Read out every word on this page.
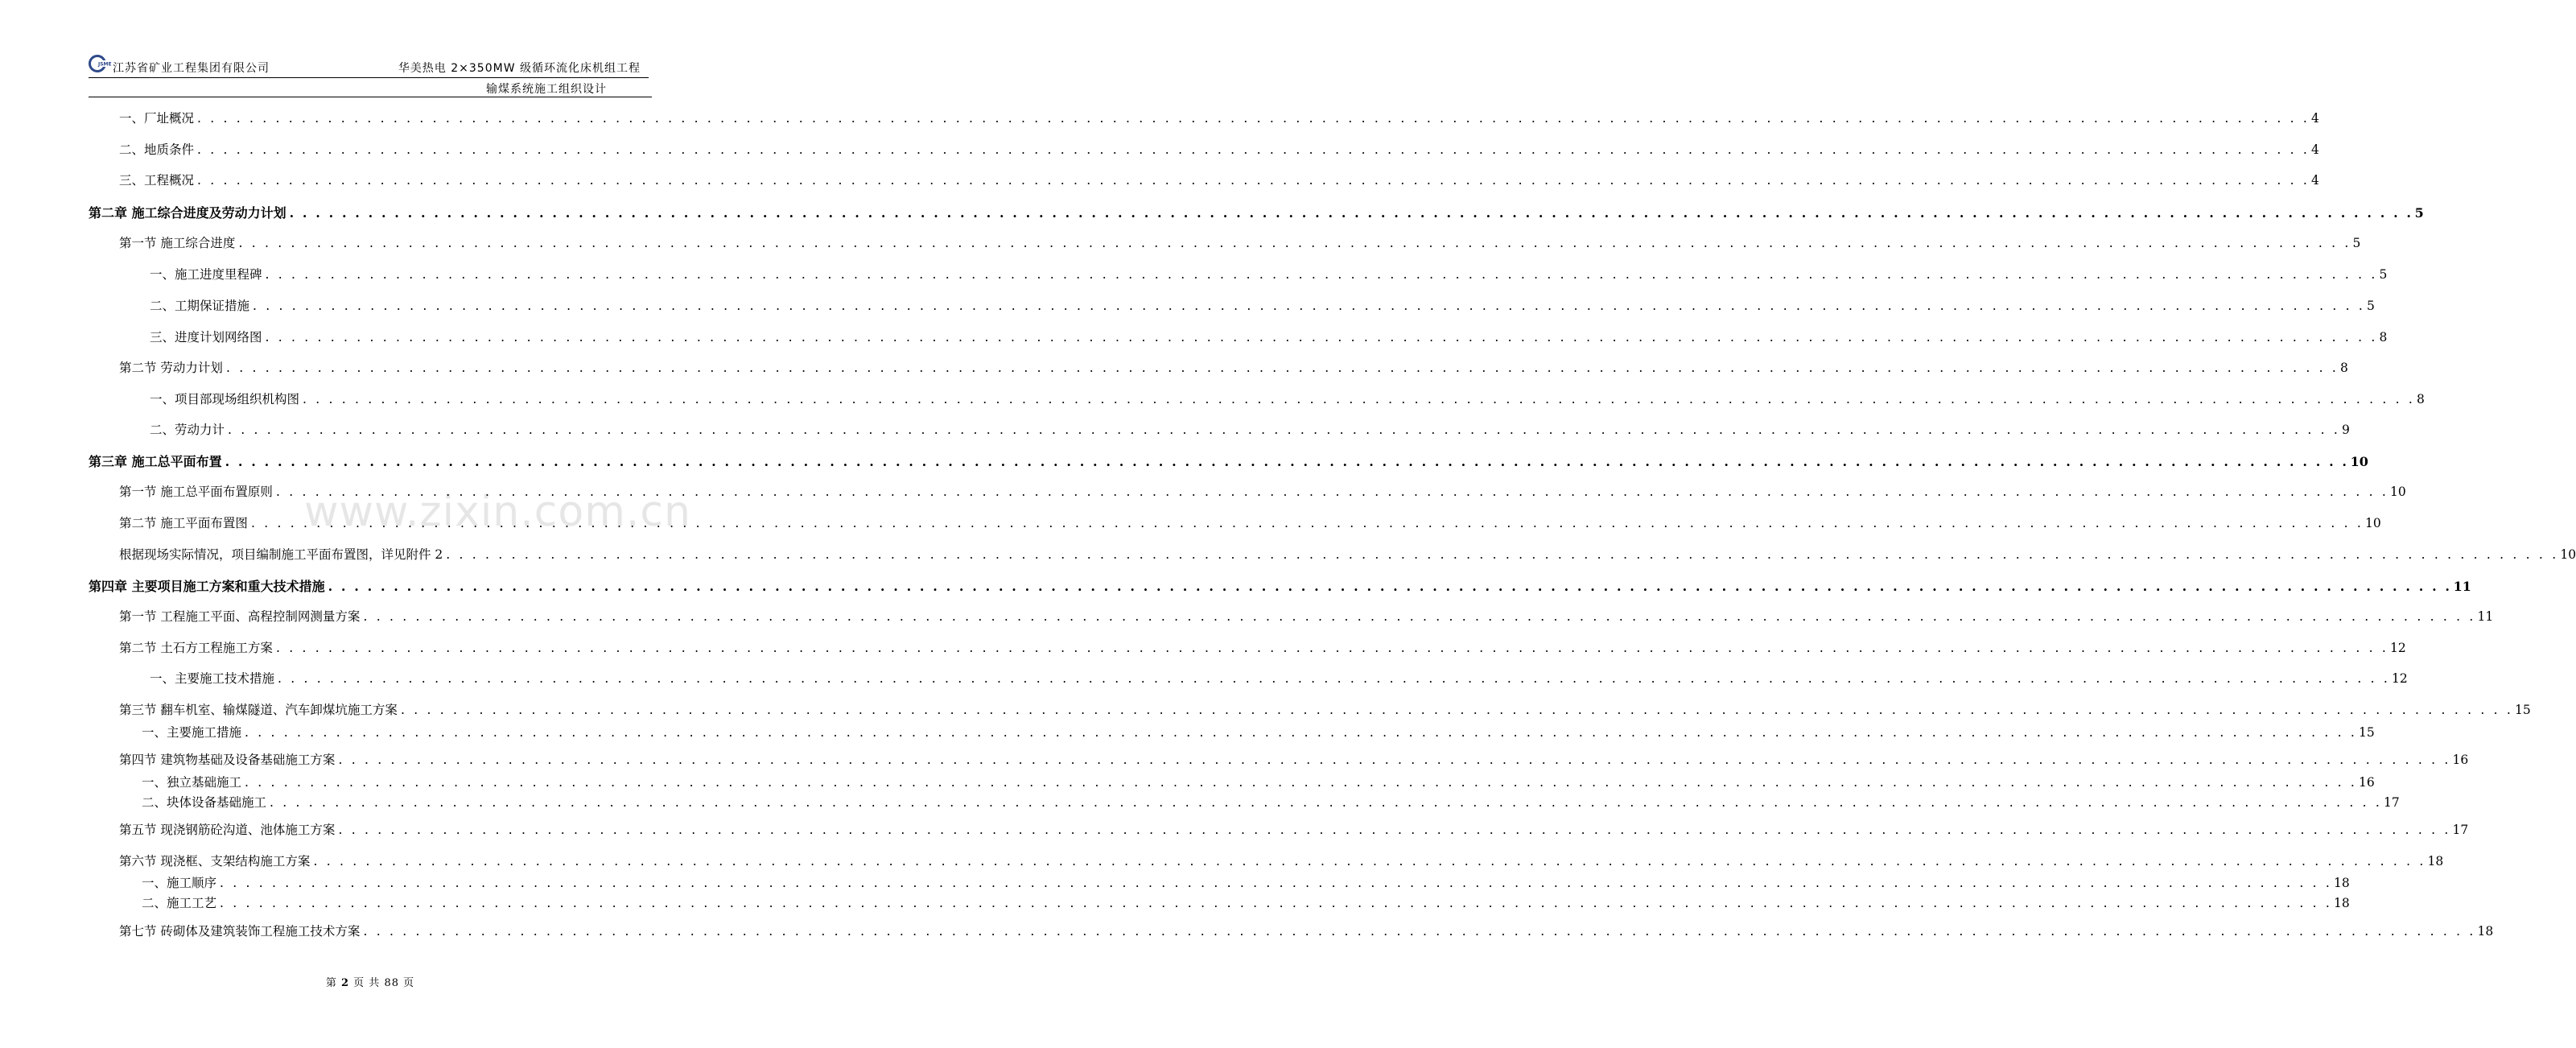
JSME 江苏省矿业工程集团有限公司	华美热电 2×350MW 级循环流化床机组工程
输煤系统施工组织设计
www.zixin.com.cn
一、厂址概况 . . .	4
二、地质条件 . . .	4
三、工程概况 . . .	4
第二章 施工综合进度及劳动力计划 . . .	5
第一节 施工综合进度 . . .	5
一、施工进度里程碑 . . .	5
二、工期保证措施 . . .	5
三、进度计划网络图 . . .	8
第二节 劳动力计划 . . .	8
一、项目部现场组织机构图 . . .	8
二、劳动力计 . . .	9
第三章 施工总平面布置 . . .	10
第一节 施工总平面布置原则 . . .	10
第二节 施工平面布置图 . . .	10
根据现场实际情况，项目编制施工平面布置图，详见附件 2 . . .	10
第四章 主要项目施工方案和重大技术措施 . . .	11
第一节 工程施工平面、高程控制网测量方案 . . .	11
第二节 土石方工程施工方案 . . .	12
一、主要施工技术措施 . . .	12
第三节 翻车机室、输煤隧道、汽车卸煤坑施工方案 . . .	15
一、主要施工措施 . . .	15
第四节 建筑物基础及设备基础施工方案 . . .	16
一、独立基础施工 . . .	16
二、块体设备基础施工 . . .	17
第五节 现浇钢筋砼沟道、池体施工方案 . . .	17
第六节 现浇框、支架结构施工方案 . . .	18
一、施工顺序 . . .	18
二、施工工艺 . . .	18
第七节 砖砌体及建筑装饰工程施工技术方案 . . .	18
第 2 页 共 88 页
